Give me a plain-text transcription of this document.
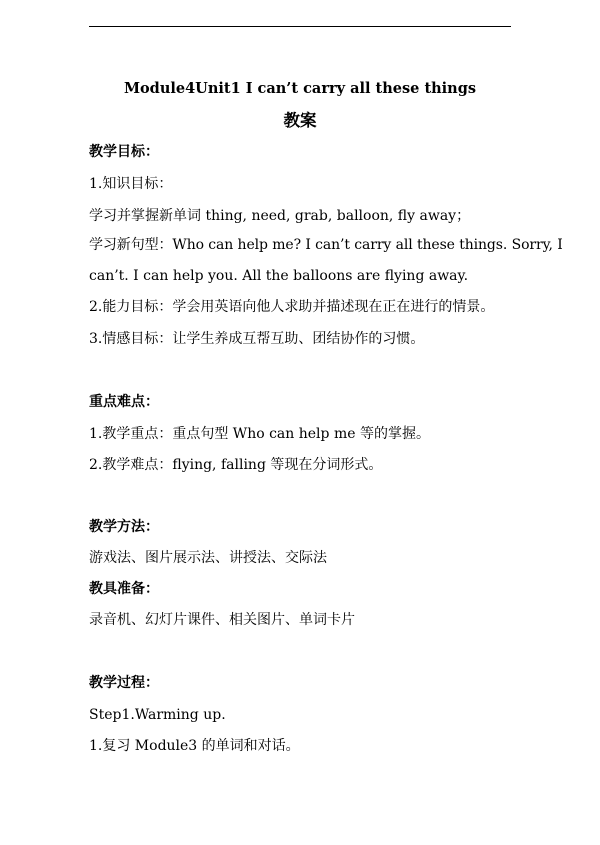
Module4Unit1 I can’t carry all these things
教案
教学目标：
1.知识目标：
学习并掌握新单词 thing, need, grab, balloon, fly away；
学习新句型：Who can help me? I can’t carry all these things. Sorry, I
can’t. I can help you. All the balloons are flying away.
2.能力目标：学会用英语向他人求助并描述现在正在进行的情景。
3.情感目标：让学生养成互帮互助、团结协作的习惯。
重点难点：
1.教学重点：重点句型 Who can help me 等的掌握。
2.教学难点：flying, falling 等现在分词形式。
教学方法：
游戏法、图片展示法、讲授法、交际法
教具准备：
录音机、幻灯片课件、相关图片、单词卡片
教学过程：
Step1.Warming up.
1.复习 Module3 的单词和对话。
